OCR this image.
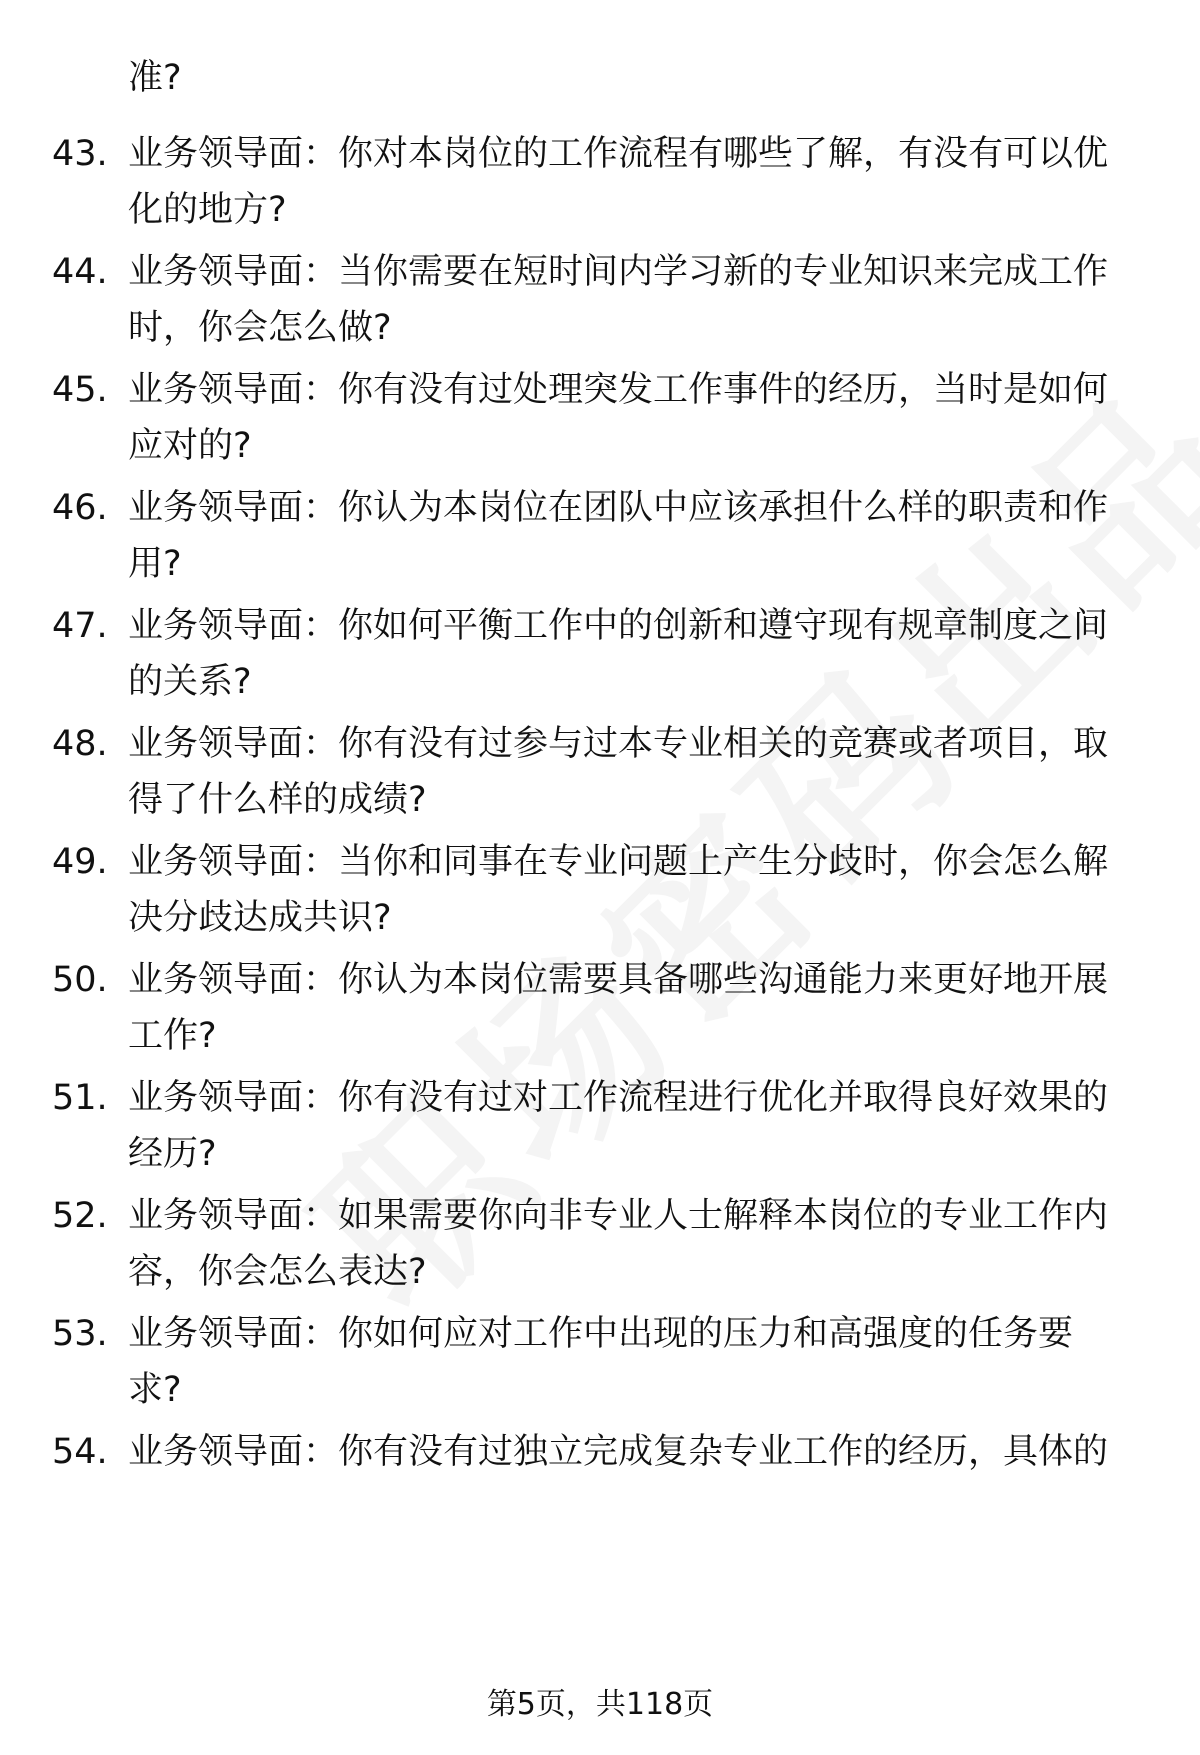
准?
43. 业务领导面：你对本岗位的工作流程有哪些了解，有没有可以优
化的地方?
44. 业务领导面：当你需要在短时间内学习新的专业知识来完成工作
时，你会怎么做?
45. 业务领导面：你有没有过处理突发工作事件的经历，当时是如何
应对的?
46. 业务领导面：你认为本岗位在团队中应该承担什么样的职责和作
用?
47. 业务领导面：你如何平衡工作中的创新和遵守现有规章制度之间
的关系?
48. 业务领导面：你有没有过参与过本专业相关的竞赛或者项目，取
得了什么样的成绩?
49. 业务领导面：当你和同事在专业问题上产生分歧时，你会怎么解
决分歧达成共识?
50. 业务领导面：你认为本岗位需要具备哪些沟通能力来更好地开展
工作?
51. 业务领导面：你有没有过对工作流程进行优化并取得良好效果的
经历?
52. 业务领导面：如果需要你向非专业人士解释本岗位的专业工作内
容，你会怎么表达?
53. 业务领导面：你如何应对工作中出现的压力和高强度的任务要
求?
54. 业务领导面：你有没有过独立完成复杂专业工作的经历，具体的
第5页，共118页
